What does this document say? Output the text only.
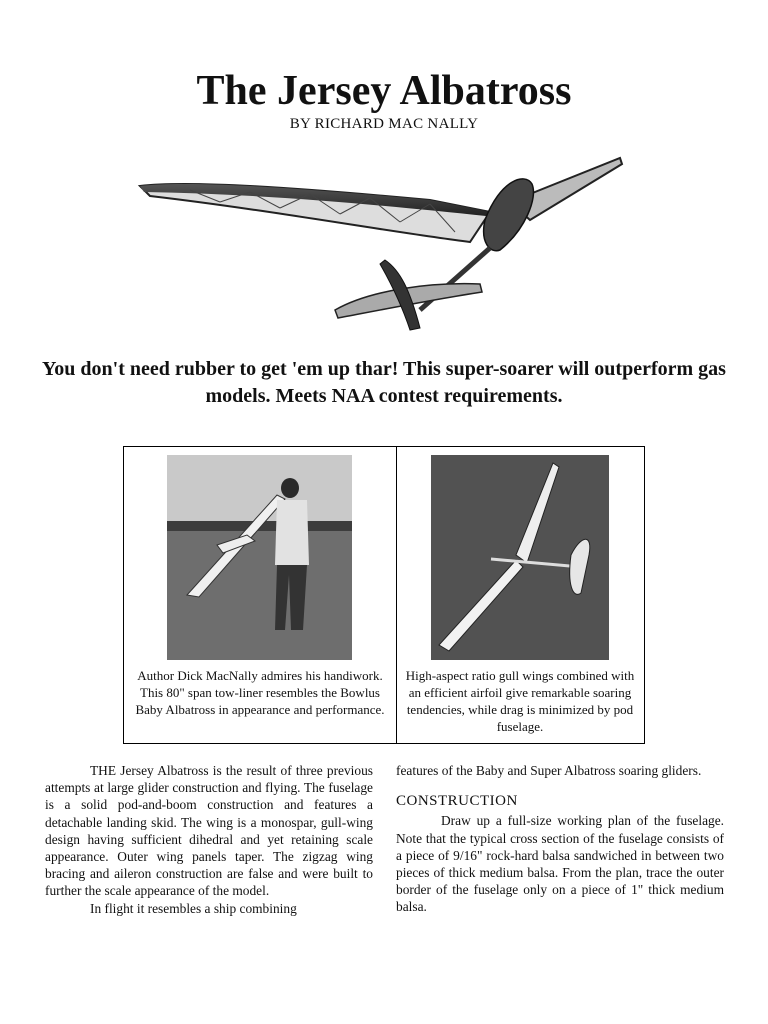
The Jersey Albatross
BY RICHARD MAC NALLY
You don't need rubber to get 'em up thar! This super-soarer will outperform gas models. Meets NAA contest requirements.
Author Dick MacNally admires his handiwork. This 80" span tow-liner resembles the Bowlus Baby Albatross in appearance and performance.
High-aspect ratio gull wings combined with an efficient airfoil give remarkable soaring tendencies, while drag is minimized by pod fuselage.

THE Jersey Albatross is the result of three previous attempts at large glider construction and flying. The fuselage is a solid pod-and-boom construction and features a detachable landing skid. The wing is a monospar, gull-wing design having sufficient dihedral and yet retaining scale appearance. Outer wing panels taper. The zigzag wing bracing and aileron construction are false and were built to further the scale appearance of the model.

In flight it resembles a ship combining

features of the Baby and Super Albatross soaring gliders.

CONSTRUCTION

Draw up a full-size working plan of the fuselage. Note that the typical cross section of the fuselage consists of a piece of 9/16" rock-hard balsa sandwiched in between two pieces of thick medium balsa. From the plan, trace the outer border of the fuselage only on a piece of 1" thick medium balsa.
